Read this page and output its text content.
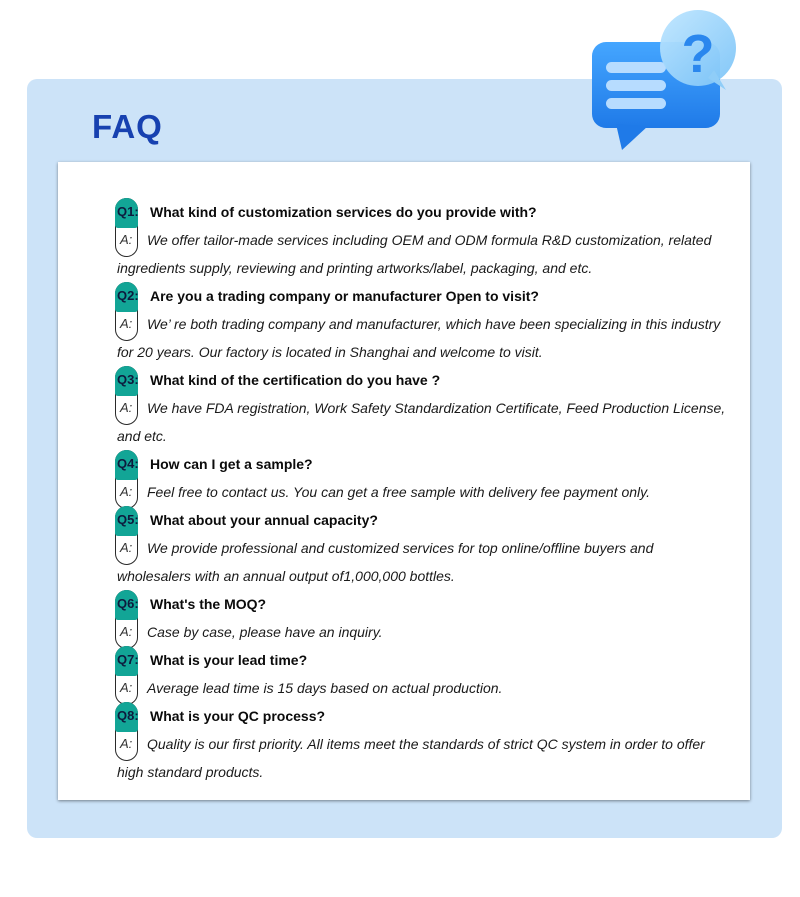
FAQ
?
Q1: What kind of customization services do you provide with?
A:	We offer tailor-made services including OEM and ODM formula R&D customization, related ingredients supply, reviewing and printing artworks/label, packaging, and etc.
Q2: Are you a trading company or manufacturer Open to visit?
A:	We’ re both trading company and manufacturer, which have been specializing in this industry for 20 years. Our factory is located in Shanghai and welcome to visit.
Q3: What kind of the certification do you have ?
A:	We have FDA registration, Work Safety Standardization Certificate, Feed Production License, and etc.
Q4: How can I get a sample?
A:	Feel free to contact us. You can get a free sample with delivery fee payment only.
Q5: What about your annual capacity?
A:	We provide professional and customized services for top online/offline buyers and wholesalers with an annual output of1,000,000 bottles.
Q6: What's the MOQ?
A:	Case by case, please have an inquiry.
Q7: What is your lead time?
A:	Average lead time is 15 days based on actual production.
Q8: What is your QC process?
A:	Quality is our first priority. All items meet the standards of strict QC system in order to offer high standard products.
